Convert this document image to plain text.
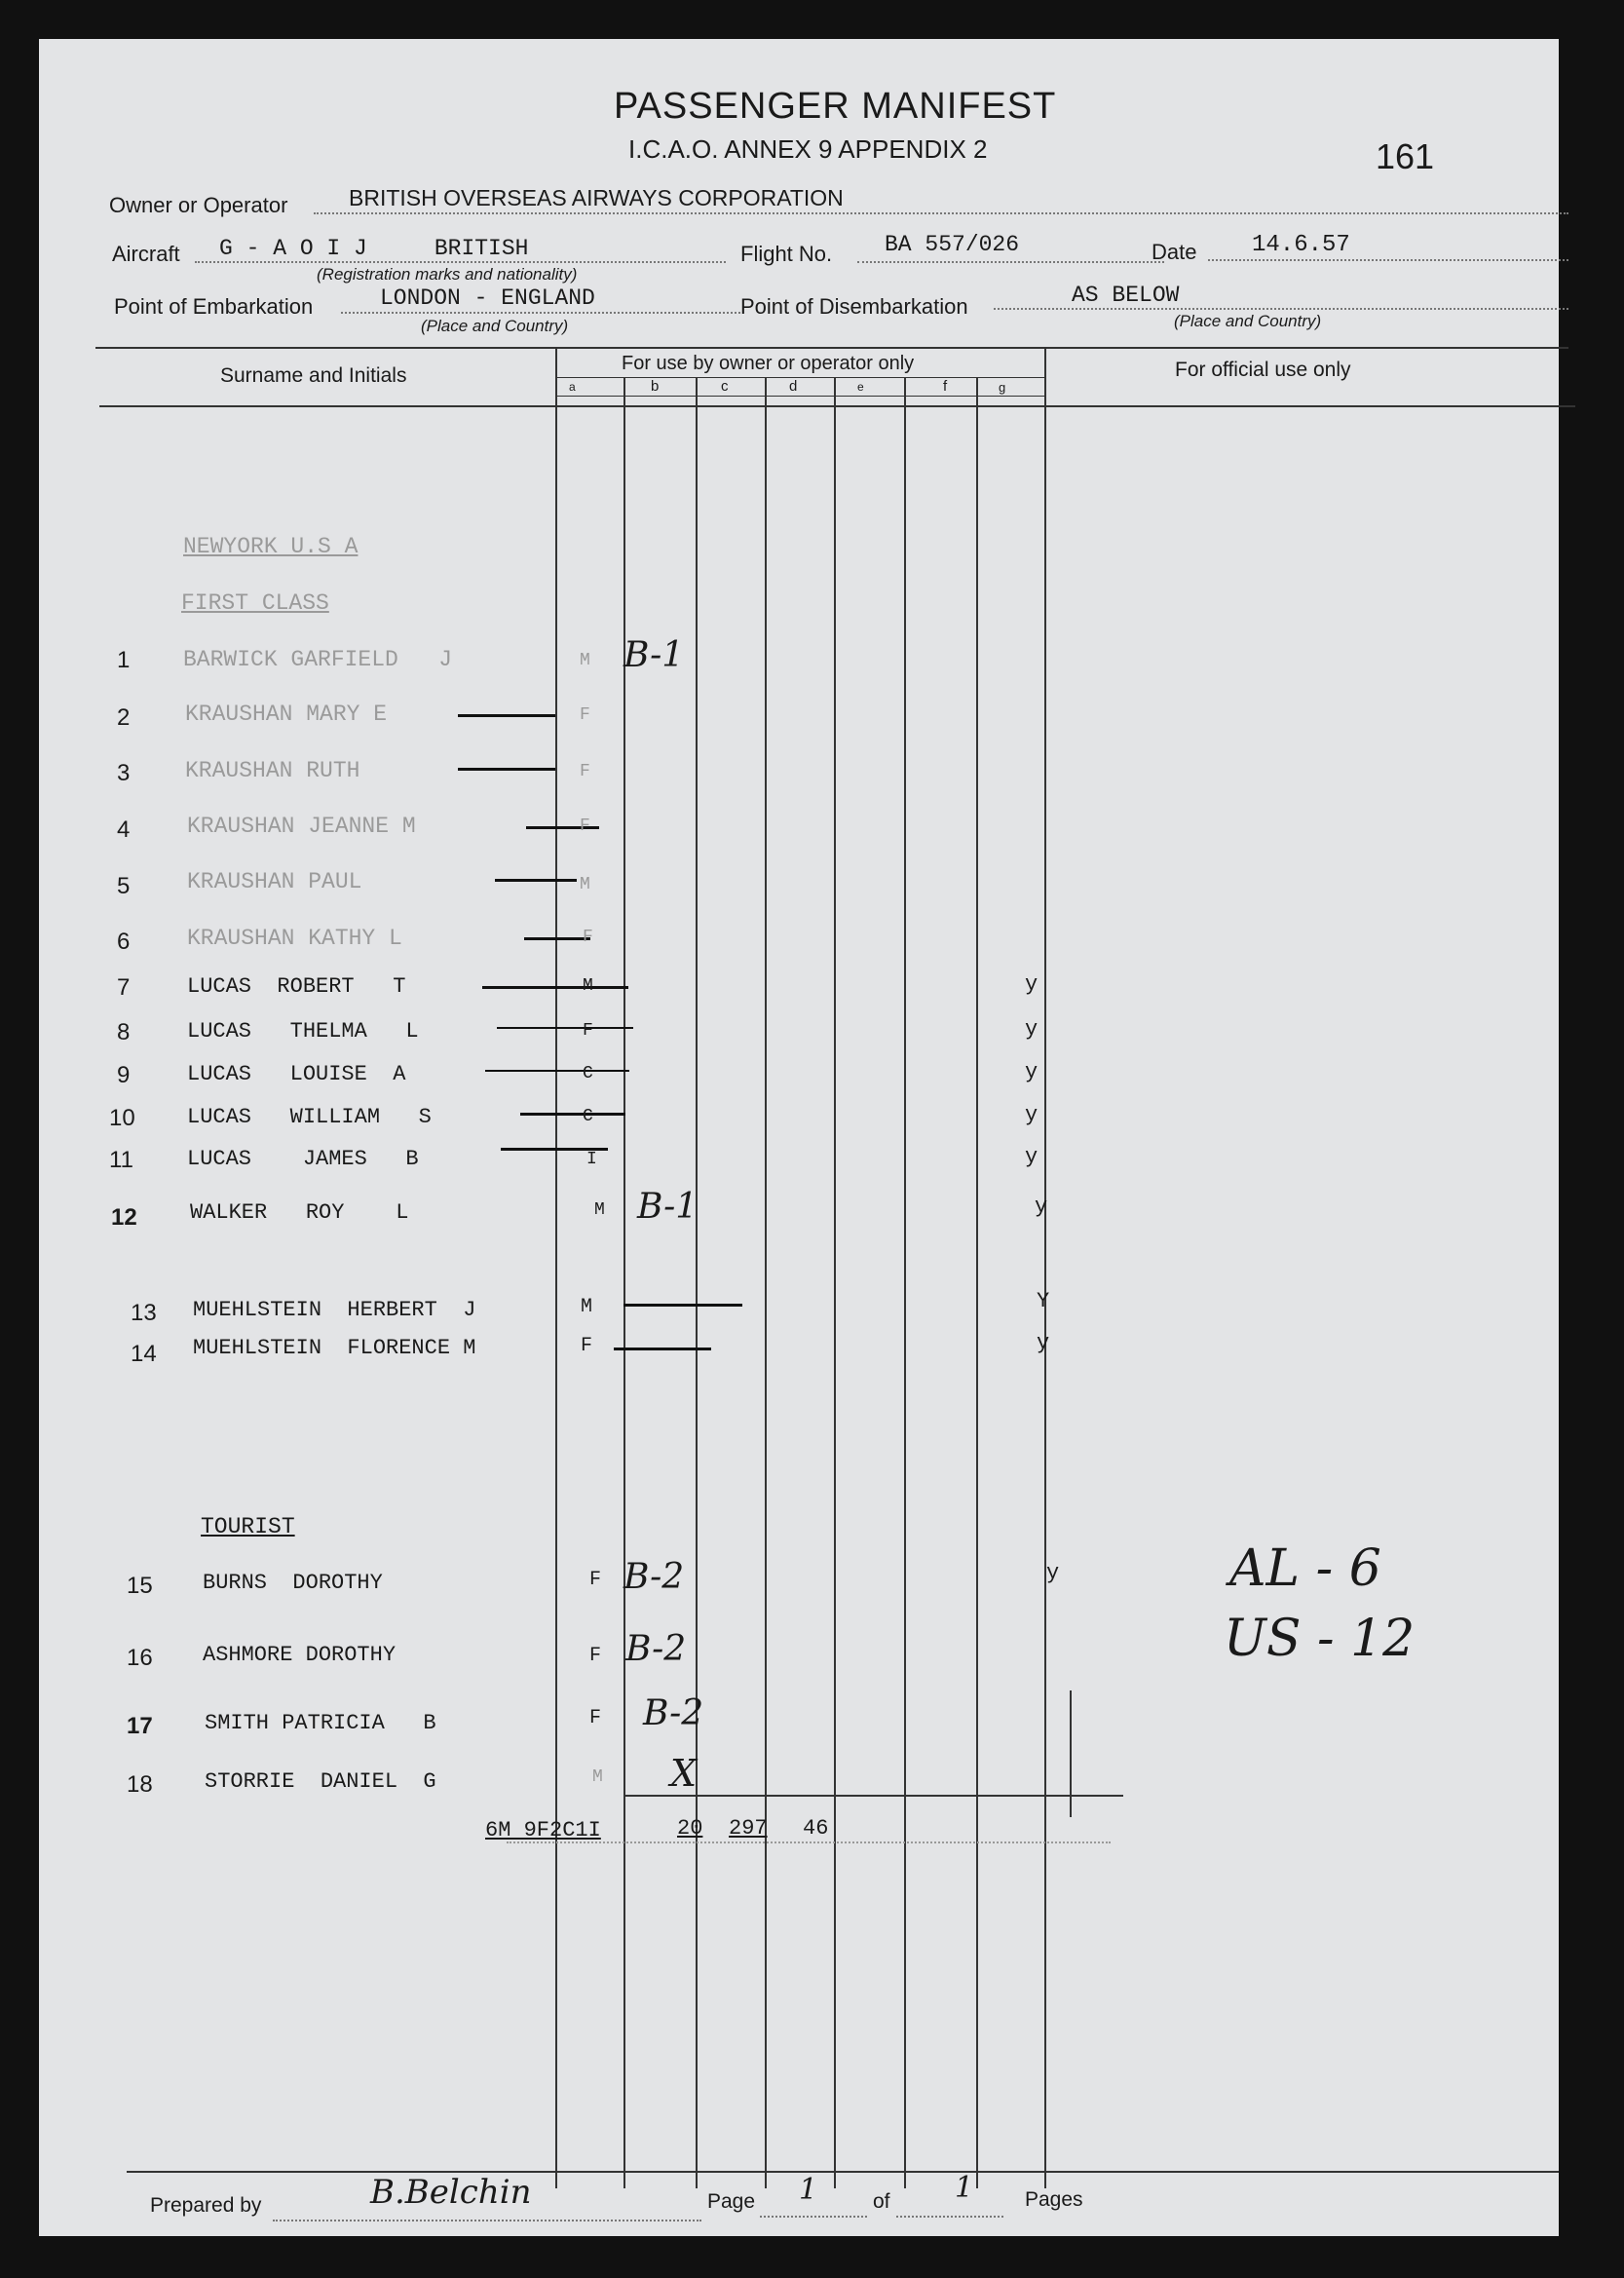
PASSENGER MANIFEST
I.C.A.O. ANNEX 9 APPENDIX 2	161
Owner or Operator	BRITISH OVERSEAS AIRWAYS CORPORATION
Aircraft G - A O I J     BRITISH
(Registration marks and nationality)
Flight No. BA 557/026	Date 14.6.57
Point of Embarkation	LONDON - ENGLAND
(Place and Country)
Point of Disembarkation	AS BELOW
(Place and Country)
Surname and Initials
For use by owner or operator only	For official use only
a	b	c	d	e	f	g
NEWYORK U.S A
FIRST CLASS
TOURIST
1 BARWICK GARFIELD   J	M B-1
2 KRAUSHAN MARY E	F
3 KRAUSHAN RUTH	F
4	KRAUSHAN JEANNE M	F
5	KRAUSHAN PAUL	M
6	KRAUSHAN KATHY L	F
7	LUCAS  ROBERT   T	M	y
8	LUCAS   THELMA   L	F	y
9	LUCAS   LOUISE  A	C	y
10 LUCAS   WILLIAM   S	C	y
11	LUCAS    JAMES   B	I	y
12 WALKER   ROY    L	M B-1	y
13 MUEHLSTEIN  HERBERT  J	M	Y
14 MUEHLSTEIN  FLORENCE M	F	y
15 BURNS  DOROTHY	F B-2	y
16 ASHMORE DOROTHY	F B-2
17 SMITH PATRICIA   B	F B-2
18 STORRIE  DANIEL  G	M X
6M 9F2C1I	20 297 46
AL - 6
US - 12
Prepared by	B.Belchin	Page 1	of 1	Pages
